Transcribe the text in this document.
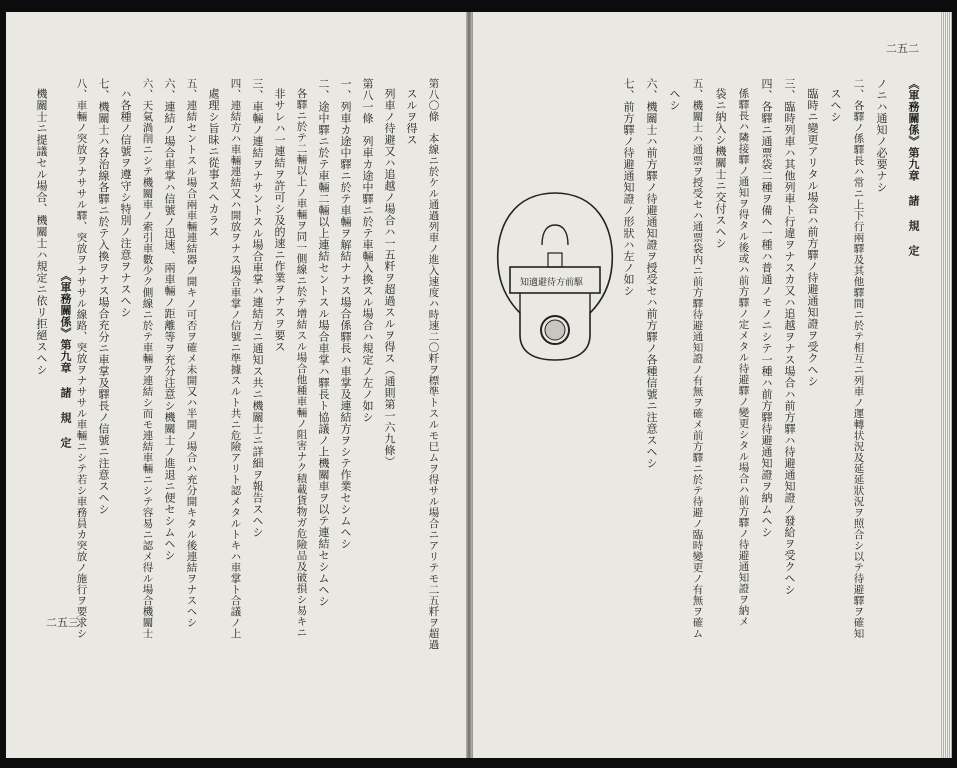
《軍務關係》第九章 諸 規 定
二五二
《軍務關係》第九章 諸 規 定
二五三
ノニハ通知ノ必要ナシ
二、各驛ノ係驛長ハ常ニ上下行兩驛及其他驛間ニ於テ相互ニ列車ノ運轉状況及延延狀況ヲ照合シ以テ待避驛ヲ確知
スヘシ
臨時ニ變更アリタル場合ハ前方驛ノ待避通知證ヲ受クヘシ
三、臨時列車ハ其他列車ト行違ヲナスカ又ハ追越ヲナス場合ハ前方驛ハ待避通知證ノ發給ヲ受クヘシ
四、各驛ニ通票袋二種ヲ備ヘ一種ハ普通ノモノニシテ一種ハ前方驛待避通知證ヲ納ムヘシ
係驛長ハ隣接驛ノ通知ヲ得タル後或ハ前方驛ノ定メタル待避驛ノ變更シタル場合ハ前方驛ノ待避通知證ヲ納メ
袋ニ納入シ機關士ニ交付スヘシ
五、機關士ハ通票ヲ授受セハ通票袋内ニ前方驛待避通知證ノ有無ヲ確メ前方驛ニ於テ待避ノ臨時變更ノ有無ヲ確ム
ヘシ
六、機關士ハ前方驛ノ待避通知證ヲ授受セハ前方驛ノ各種信號ニ注意スヘシ
七、前方驛ノ待避通知證ノ形狀ハ左ノ如シ
知適避待方前駆
第八〇條　本線ニ於ケル通過列車ノ進入速度ハ時速二〇粁ヲ標準トスルモ巳ムヲ得サル場合ニアリテモ二五粁ヲ超過
スルヲ得ス
列車ノ待避又ハ追越ノ場合ハ一五粁ヲ超過スルヲ得ス（通則第一六九條）
第八一條　列車カ途中驛ニ於テ車輛入換スル場合ハ規定ノ左ノ如シ
一、列車カ途中驛ニ於テ車輛ヲ解結ナナス場合係驛長ハ車掌及連結方ヲシテ作業セシムヘシ
二、途中驛ニ於テ車輛二輛以上連結セントスル場合車掌ハ驛長ト協議ノ上機關車ヲ以テ連結セシムヘシ
各驛ニ於テ二輛以上ノ車輛ヲ同一側線ニ於テ增結スル場合他種車輛ノ阻害ナク積載貨物ガ危險品及破損シ易キニ
非サレハ一連結ヲ許可シ及的速ニ作業ヲナスヲ要ス
三、車輛ノ連結ヲナサントスル場合車掌ハ連結方ニ通知ス共ニ機關士ニ詳細ヲ報告スヘシ
四、連結方ハ車輛連結又ハ開放ヲナス場合車掌ノ信號ニ準據スルト共ニ危險アリト認メタルトキハ車掌ト合議ノ上
處理シ旨昧ニ從事スヘカラス
五、連結セントスル場合兩車輛連結器ノ開キノ可否ヲ確メ未開又ハ半開ノ場合ハ充分開キタル後連結ヲナスヘシ
六、連結ノ場合車掌ハ信號ノ迅速、兩車輛ノ距離等ヲ充分注意シ機關士ノ進退ニ便セシムヘシ
六、天氣渦削ニシテ機關車ノ索引車數少ク側線ニ於テ車輛ヲ連結シ而モ連結車輛ニシテ容易ニ認メ得ル場合機關士
ハ各種ノ信號ヲ遵守シ特別ノ注意ヲナスヘシ
七、機關士ハ各治線各驛ニ於テ入換ヲナス場合充分ニ車掌及驛長ノ信號ニ注意スヘシ
八、車輛ノ突放ヲナササル驛、突放ヲナササル線路、突放ヲナササル車輛ニシテ若シ車務員カ突放ノ施行ヲ要求シ
機關士ニ提議セル場合、機關士ハ規定ニ依リ拒絕スヘシ
